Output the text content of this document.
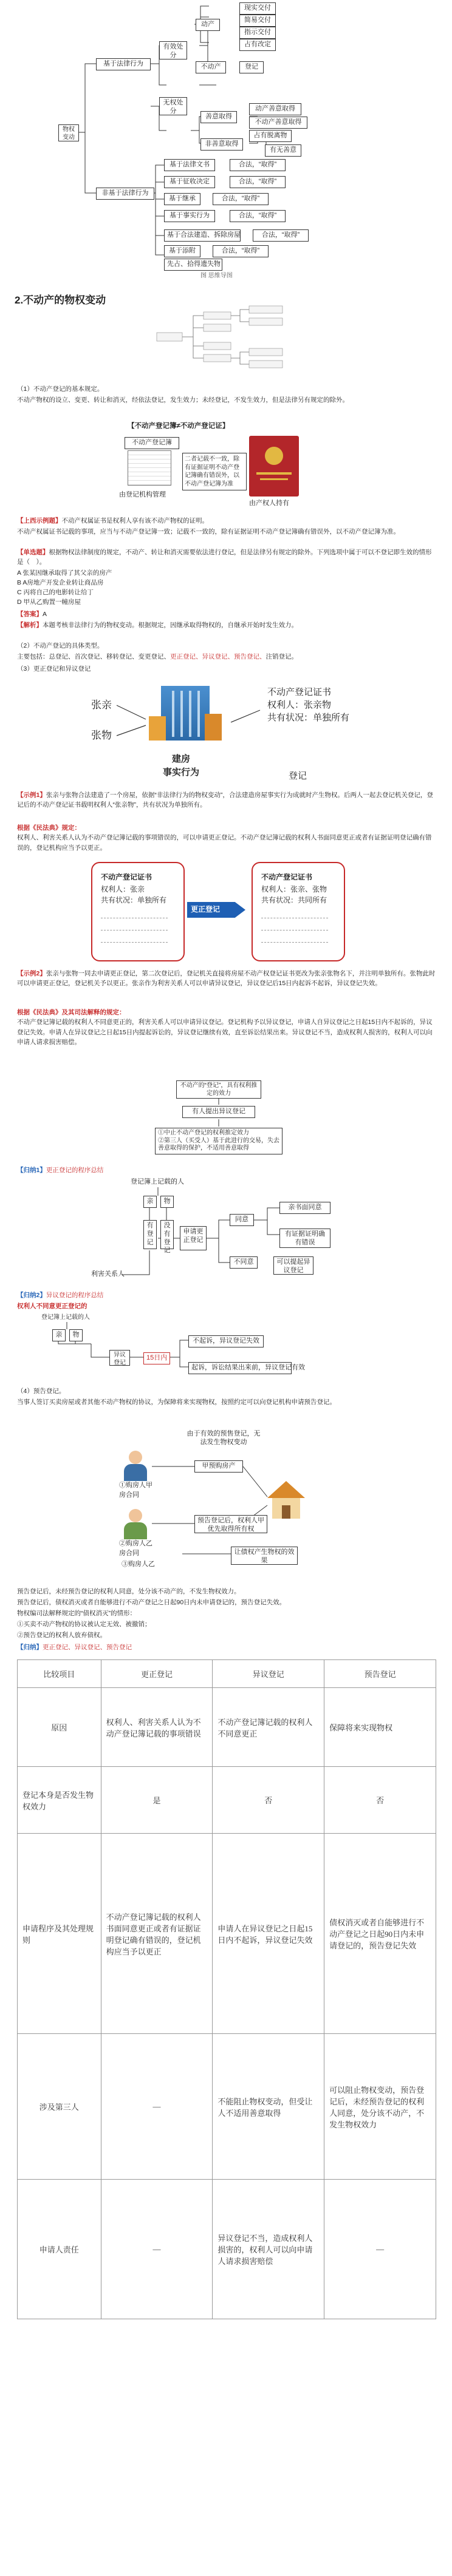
物权变动
基于法律行为
非基于法律行为
有效处分
无权处分
动产
不动产	登记
现实交付
简易交付
指示交付
占有改定
善意取得
非善意取得
动产善意取得
不动产善意取得
占有脱离物
有无善意
基于法律文书
基于征收决定
基于继承
基于事实行为
基于合法建造、拆除房屋
基于添附
先占、拾得遗失物
合法，“取得”
合法，“取得”
合法，“取得”
合法，“取得”
合法，“取得”
合法，“取得”
图 思维导图
2.不动产的物权变动
（1）不动产登记的基本规定。
不动产物权的设立、变更、转让和消灭，经依法登记，发生效力；未经登记，不发生效力，但是法律另有规定的除外。
【不动产登记簿≠不动产登记证】
不动产登记簿
二者记载不一致，除有证据证明不动产登记簿确有错误外，以不动产登记簿为准
由登记机构管理
由产权人持有
【上西示例题】不动产权属证书是权利人享有该不动产物权的证明。
不动产权属证书记载的事项，应当与不动产登记簿一致；记载不一致的，除有证据证明不动产登记簿确有错误外，以不动产登记簿为准。
【单选题】根据物权法律制度的规定，不动产、转让和消灭需要依法进行登记，但是法律另有规定的除外。下列选项中属于可以不登记即生效的情形是（　）。
A 张某因继承取得了其父亲的房产
B A房地产开发企业转让商品房
C 丙将自己的电影转让给丁
D 甲从乙购置一幢房屋
【答案】A
【解析】本题考核非法律行为的物权变动。根据规定，因继承取得物权的，自继承开始时发生效力。
（2）不动产登记的具体类型。
主要包括：总登记、首次登记、移转登记、变更登记、更正登记、异议登记、预告登记、注销登记。
（3）更正登记和异议登记
张亲
张物
建房
事实行为
不动产登记证书
权利人：张亲物
共有状况：单独所有
登记
【示例1】张亲与张物合法建造了一个房屋，依据“非法律行为的物权变动”，合法建造房屋事实行为成就时产生物权。后两人一起去登记机关登记，登记后的不动产登记证书载明权利人“张亲物”，共有状况为单独所有。
根据《民法典》规定：
权利人、利害关系人认为不动产登记簿记载的事项错误的，可以申请更正登记。不动产登记簿记载的权利人书面同意更正或者有证据证明登记确有错误的，登记机构应当予以更正。
不动产登记证书
权利人：张亲
共有状况：单独所有
更正登记
不动产登记证书
权利人：张亲、张物
共有状况：共同所有
【示例2】张亲与张物一同去申请更正登记，第二次登记后，登记机关直接将房屋不动产权登记证书更改为张亲张物名下，并注明单独所有。张物此时可以申请更正登记，登记机关予以更正。张亲作为利害关系人可以申请异议登记，异议登记后15日内起诉不起诉，异议登记失效。
根据《民法典》及其司法解释的规定：
不动产登记簿记载的权利人不同意更正的，利害关系人可以申请异议登记。登记机构予以异议登记，申请人自异议登记之日起15日内不起诉的，异议登记失效。申请人在异议登记之日起15日内提起诉讼的，异议登记继续有效，直至诉讼结果出来。异议登记不当，造成权利人损害的，权利人可以向申请人请求损害赔偿。
不动产的“登记”，具有权利推定的效力
有人提出异议登记
①中止不动产登记的权利推定效力
②第三人（买受人）基于此进行的交易，失去善意取得的保护，不适用善意取得
【归纳1】更正登记的程序总结
登记簿上记载的人
亲	物
有登记
没有登记
申请更正登记
同意
亲书面同意
有证据证明确有错误
不同意	可以提起异议登记
利害关系人
【归纳2】异议登记的程序总结
权利人不同意更正登记的
登记簿上记载的人
亲	物
异议登记
15日内
不起诉，异议登记失效
起诉，诉讼结果出来前，异议登记有效
（4）预告登记。
当事人签订买卖房屋或者其他不动产物权的协议，为保障将来实现物权，按照约定可以向登记机构申请预告登记。
由于有效的预售登记，无法发生物权变动
①购房人甲
房合同
甲预购房产
②购房人乙
房合同
预告登记后，权利人甲优先取得所有权
③购房人乙
让债权产生物权的效果
预告登记后，未经预告登记的权利人同意，处分该不动产的，不发生物权效力。
预告登记后，债权消灭或者自能够进行不动产登记之日起90日内未申请登记的，预告登记失效。
物权编司法解释规定的“债权消灭”的情形：
①买卖不动产物权的协议被认定无效、被撤销；
②预告登记的权利人放弃债权。
【归纳】更正登记、异议登记、预告登记
比较项目	更正登记	异议登记	预告登记
原因	权利人、利害关系人认为不动产登记簿记载的事项错误	不动产登记簿记载的权利人不同意更正	保障将来实现物权
登记本身是否发生物权效力	是	否	否
申请程序及其处理规则	不动产登记簿记载的权利人书面同意更正或者有证据证明登记确有错误的，登记机构应当予以更正	申请人在异议登记之日起15日内不起诉，异议登记失效	债权消灭或者自能够进行不动产登记之日起90日内未申请登记的，预告登记失效
涉及第三人	—	不能阻止物权变动，但受让人不适用善意取得	可以阻止物权变动，预告登记后，未经预告登记的权利人同意，处分该不动产，不发生物权效力
申请人责任	—	异议登记不当，造成权利人损害的，权利人可以向申请人请求损害赔偿	—
